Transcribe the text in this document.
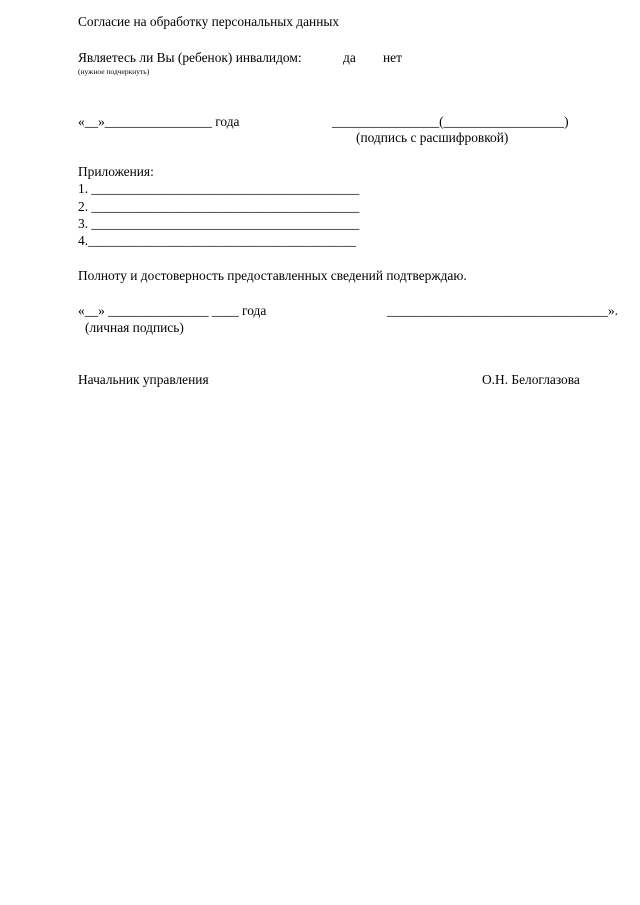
Согласие на обработку персональных данных
Являетесь ли Вы (ребенок) инвалидом:	да нет
(нужное подчеркнуть)
«__»________________ года	________________(__________________)
(подпись с расшифровкой)
Приложения:
1. ________________________________________
2. ________________________________________
3. ________________________________________
4.________________________________________
Полноту и достоверность предоставленных сведений подтверждаю.
«__» _______________ ____ года	_________________________________».
(личная подпись)
Начальник управления	О.Н. Белоглазова
